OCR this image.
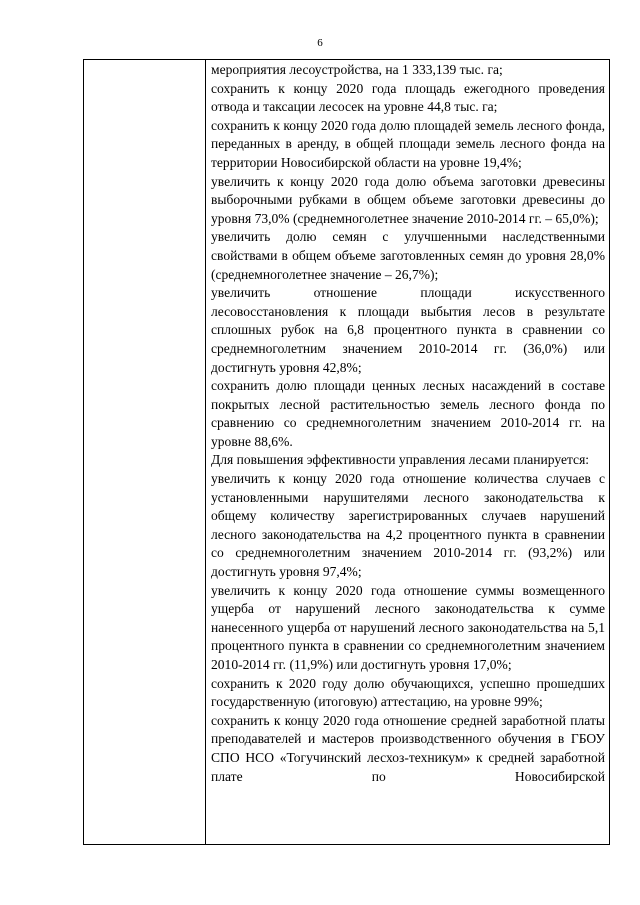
6

мероприятия лесоустройства, на 1 333,139 тыс. га;

сохранить к концу 2020 года площадь ежегодного проведения отвода и таксации лесосек на уровне 44,8 тыс. га;

сохранить к концу 2020 года долю площадей земель лесного фонда, переданных в аренду, в общей площади земель лесного фонда на территории Новосибирской области на уровне 19,4%;

увеличить к концу 2020 года долю объема заготовки древесины выборочными рубками в общем объеме заготовки древесины до уровня 73,0% (среднемноголетнее значение 2010-2014 гг. – 65,0%);

увеличить долю семян с улучшенными наследственными свойствами в общем объеме заготовленных семян до уровня 28,0% (среднемноголетнее значение – 26,7%);

увеличить отношение площади искусственного лесовосстановления к площади выбытия лесов в результате сплошных рубок на 6,8 процентного пункта в сравнении со среднемноголетним значением 2010-2014 гг. (36,0%) или достигнуть уровня 42,8%;

сохранить долю площади ценных лесных насаждений в составе покрытых лесной растительностью земель лесного фонда по сравнению со среднемноголетним значением 2010-2014 гг. на уровне 88,6%.

Для повышения эффективности управления лесами планируется:

увеличить к концу 2020 года отношение количества случаев с установленными нарушителями лесного законодательства к общему количеству зарегистрированных случаев нарушений лесного законодательства на 4,2 процентного пункта в сравнении со среднемноголетним значением 2010-2014 гг. (93,2%) или достигнуть уровня 97,4%;

увеличить к концу 2020 года отношение суммы возмещенного ущерба от нарушений лесного законодательства к сумме нанесенного ущерба от нарушений лесного законодательства на 5,1 процентного пункта в сравнении со среднемноголетним значением 2010-2014 гг. (11,9%) или достигнуть уровня 17,0%;

сохранить к 2020 году долю обучающихся, успешно прошедших государственную (итоговую) аттестацию, на уровне 99%;

сохранить к концу 2020 года отношение средней заработной платы преподавателей и мастеров производственного обучения в ГБОУ СПО НСО «Тогучинский лесхоз-техникум» к средней заработной плате по Новосибирской
